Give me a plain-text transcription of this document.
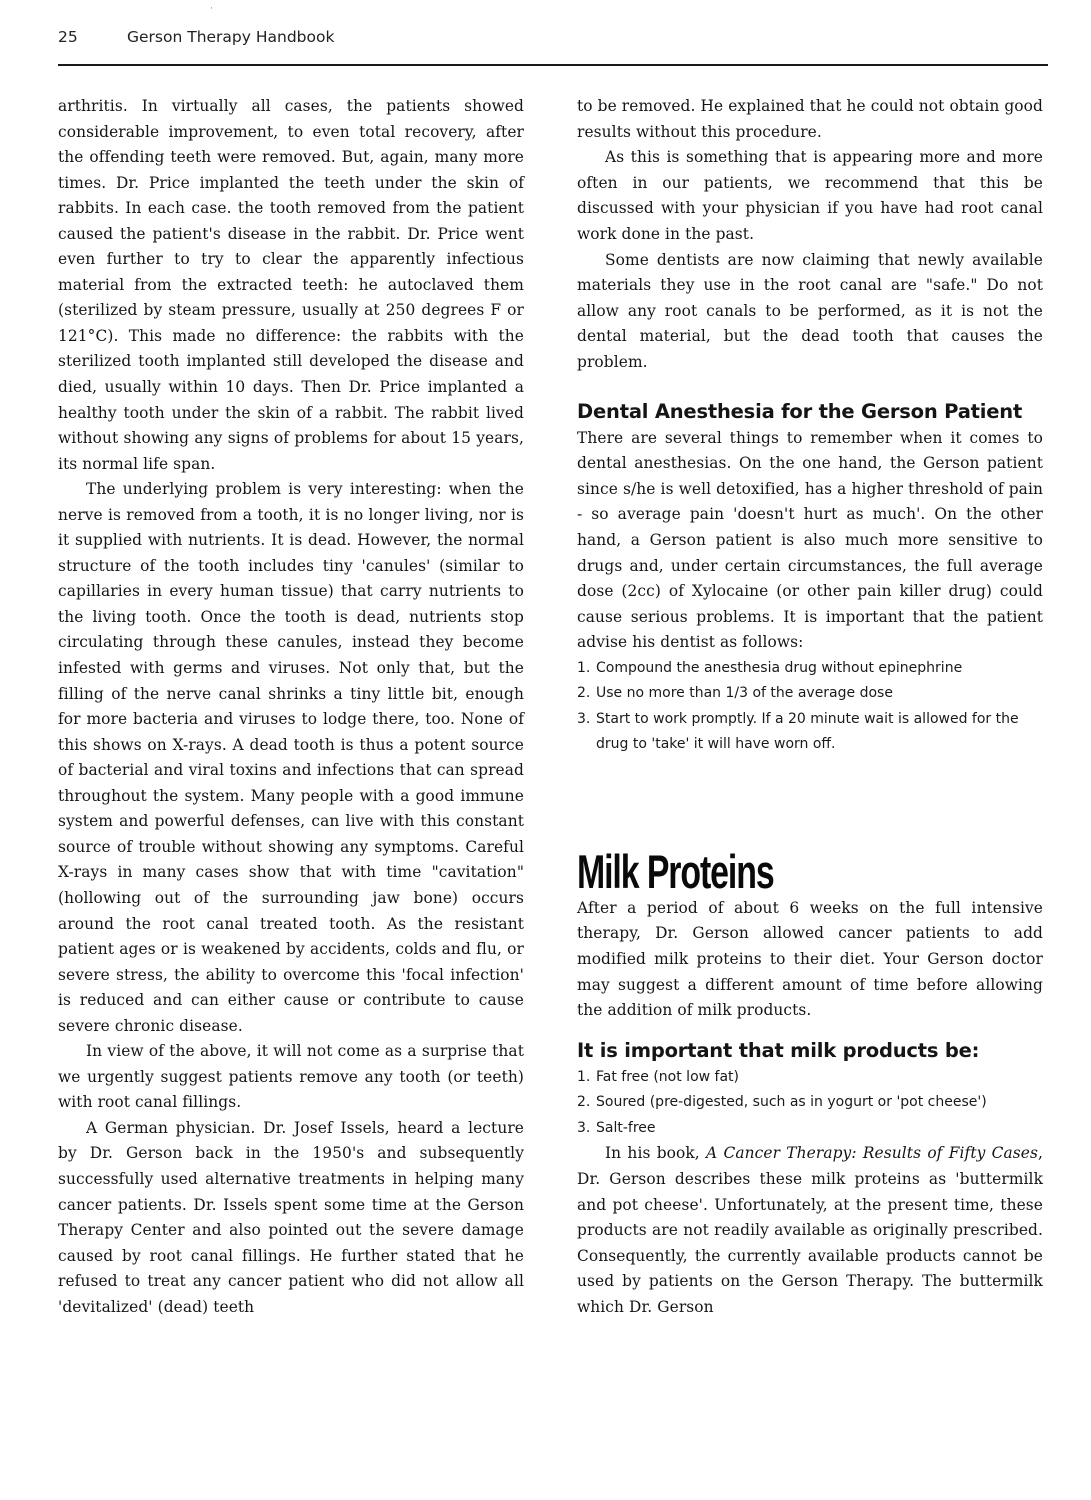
·
25	Gerson Therapy Handbook

arthritis. In virtually all cases, the patients showed considerable improvement, to even total recovery, after the offending teeth were removed. But, again, many more times. Dr. Price implanted the teeth under the skin of rabbits. In each case. the tooth removed from the patient caused the patient's disease in the rabbit. Dr. Price went even further to try to clear the apparently infectious material from the extracted teeth: he autoclaved them (sterilized by steam pressure, usually at 250 degrees F or 121°C). This made no difference: the rabbits with the sterilized tooth implanted still developed the disease and died, usually within 10 days. Then Dr. Price implanted a healthy tooth under the skin of a rabbit. The rabbit lived without showing any signs of problems for about 15 years, its normal life span.

The underlying problem is very interesting: when the nerve is removed from a tooth, it is no longer living, nor is it supplied with nutrients. It is dead. However, the normal structure of the tooth includes tiny 'canules' (similar to capillaries in every human tissue) that carry nutrients to the living tooth. Once the tooth is dead, nutrients stop circulating through these canules, instead they become infested with germs and viruses. Not only that, but the filling of the nerve canal shrinks a tiny little bit, enough for more bacteria and viruses to lodge there, too. None of this shows on X-rays. A dead tooth is thus a potent source of bacterial and viral toxins and infections that can spread throughout the system. Many people with a good immune system and powerful defenses, can live with this constant source of trouble without showing any symptoms. Careful X-rays in many cases show that with time "cavitation" (hollowing out of the surrounding jaw bone) occurs around the root canal treated tooth. As the resistant patient ages or is weakened by accidents, colds and flu, or severe stress, the ability to overcome this 'focal infection' is reduced and can either cause or contribute to cause severe chronic disease.

In view of the above, it will not come as a surprise that we urgently suggest patients remove any tooth (or teeth) with root canal fillings.

A German physician. Dr. Josef Issels, heard a lecture by Dr. Gerson back in the 1950's and subsequently successfully used alternative treatments in helping many cancer patients. Dr. Issels spent some time at the Gerson Therapy Center and also pointed out the severe damage caused by root canal fillings. He further stated that he refused to treat any cancer patient who did not allow all 'devitalized' (dead) teeth

to be removed. He explained that he could not obtain good results without this procedure.

As this is something that is appearing more and more often in our patients, we recommend that this be discussed with your physician if you have had root canal work done in the past.

Some dentists are now claiming that newly available materials they use in the root canal are "safe." Do not allow any root canals to be performed, as it is not the dental material, but the dead tooth that causes the problem.

Dental Anesthesia for the Gerson Patient

There are several things to remember when it comes to dental anesthesias. On the one hand, the Gerson patient since s/he is well detoxified, has a higher threshold of pain - so average pain 'doesn't hurt as much'. On the other hand, a Gerson patient is also much more sensitive to drugs and, under certain circumstances, the full average dose (2cc) of Xylocaine (or other pain killer drug) could cause serious problems. It is important that the patient advise his dentist as follows:

1. Compound the anesthesia drug without epinephrine
2. Use no more than 1/3 of the average dose
3. Start to work promptly. If a 20 minute wait is allowed for the drug to 'take' it will have worn off.
Milk Proteins

After a period of about 6 weeks on the full intensive therapy, Dr. Gerson allowed cancer patients to add modified milk proteins to their diet. Your Gerson doctor may suggest a different amount of time before allowing the addition of milk products.

It is important that milk products be:
1. Fat free (not low fat)
2. Soured (pre-digested, such as in yogurt or 'pot cheese')
3. Salt-free

In his book, A Cancer Therapy: Results of Fifty Cases, Dr. Gerson describes these milk proteins as 'buttermilk and pot cheese'. Unfortunately, at the present time, these products are not readily available as originally prescribed. Consequently, the currently available products cannot be used by patients on the Gerson Therapy. The buttermilk which Dr. Gerson
